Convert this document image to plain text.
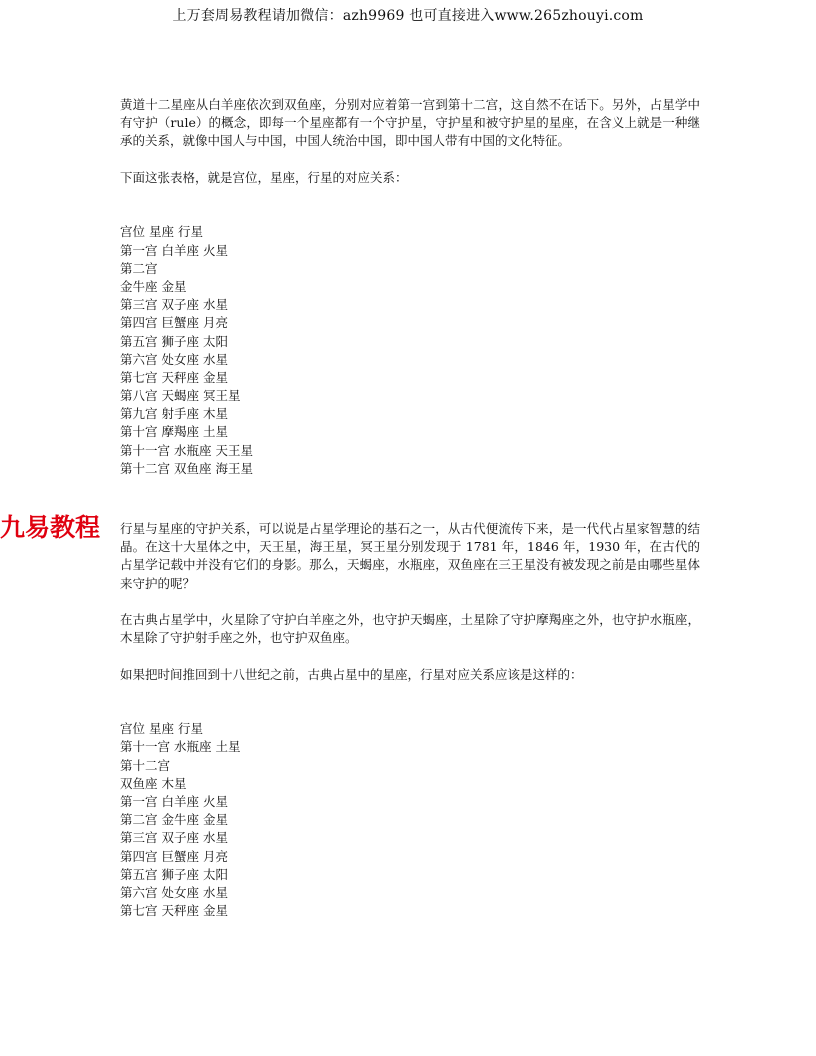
上万套周易教程请加微信：azh9969 也可直接进入www.265zhouyi.com
九易教程

黄道十二星座从白羊座依次到双鱼座，分别对应着第一宫到第十二宫，这自然不在话下。另外，占星学中有守护（rule）的概念，即每一个星座都有一个守护星，守护星和被守护星的星座，在含义上就是一种继承的关系，就像中国人与中国，中国人统治中国，即中国人带有中国的文化特征。

下面这张表格，就是宫位，星座，行星的对应关系：

宫位 星座 行星
第一宫 白羊座 火星
第二宫
金牛座 金星
第三宫 双子座 水星
第四宫 巨蟹座 月亮
第五宫 狮子座 太阳
第六宫 处女座 水星
第七宫 天秤座 金星
第八宫 天蝎座 冥王星
第九宫 射手座 木星
第十宫 摩羯座 土星
第十一宫 水瓶座 天王星
第十二宫 双鱼座 海王星

行星与星座的守护关系，可以说是占星学理论的基石之一，从古代便流传下来，是一代代占星家智慧的结晶。在这十大星体之中，天王星，海王星，冥王星分别发现于 1781 年，1846 年，1930 年，在古代的占星学记载中并没有它们的身影。那么，天蝎座，水瓶座，双鱼座在三王星没有被发现之前是由哪些星体来守护的呢？

在古典占星学中，火星除了守护白羊座之外，也守护天蝎座，土星除了守护摩羯座之外，也守护水瓶座，木星除了守护射手座之外，也守护双鱼座。

如果把时间推回到十八世纪之前，古典占星中的星座，行星对应关系应该是这样的：

宫位 星座 行星
第十一宫 水瓶座 土星
第十二宫
双鱼座 木星
第一宫 白羊座 火星
第二宫 金牛座 金星
第三宫 双子座 水星
第四宫 巨蟹座 月亮
第五宫 狮子座 太阳
第六宫 处女座 水星
第七宫 天秤座 金星
